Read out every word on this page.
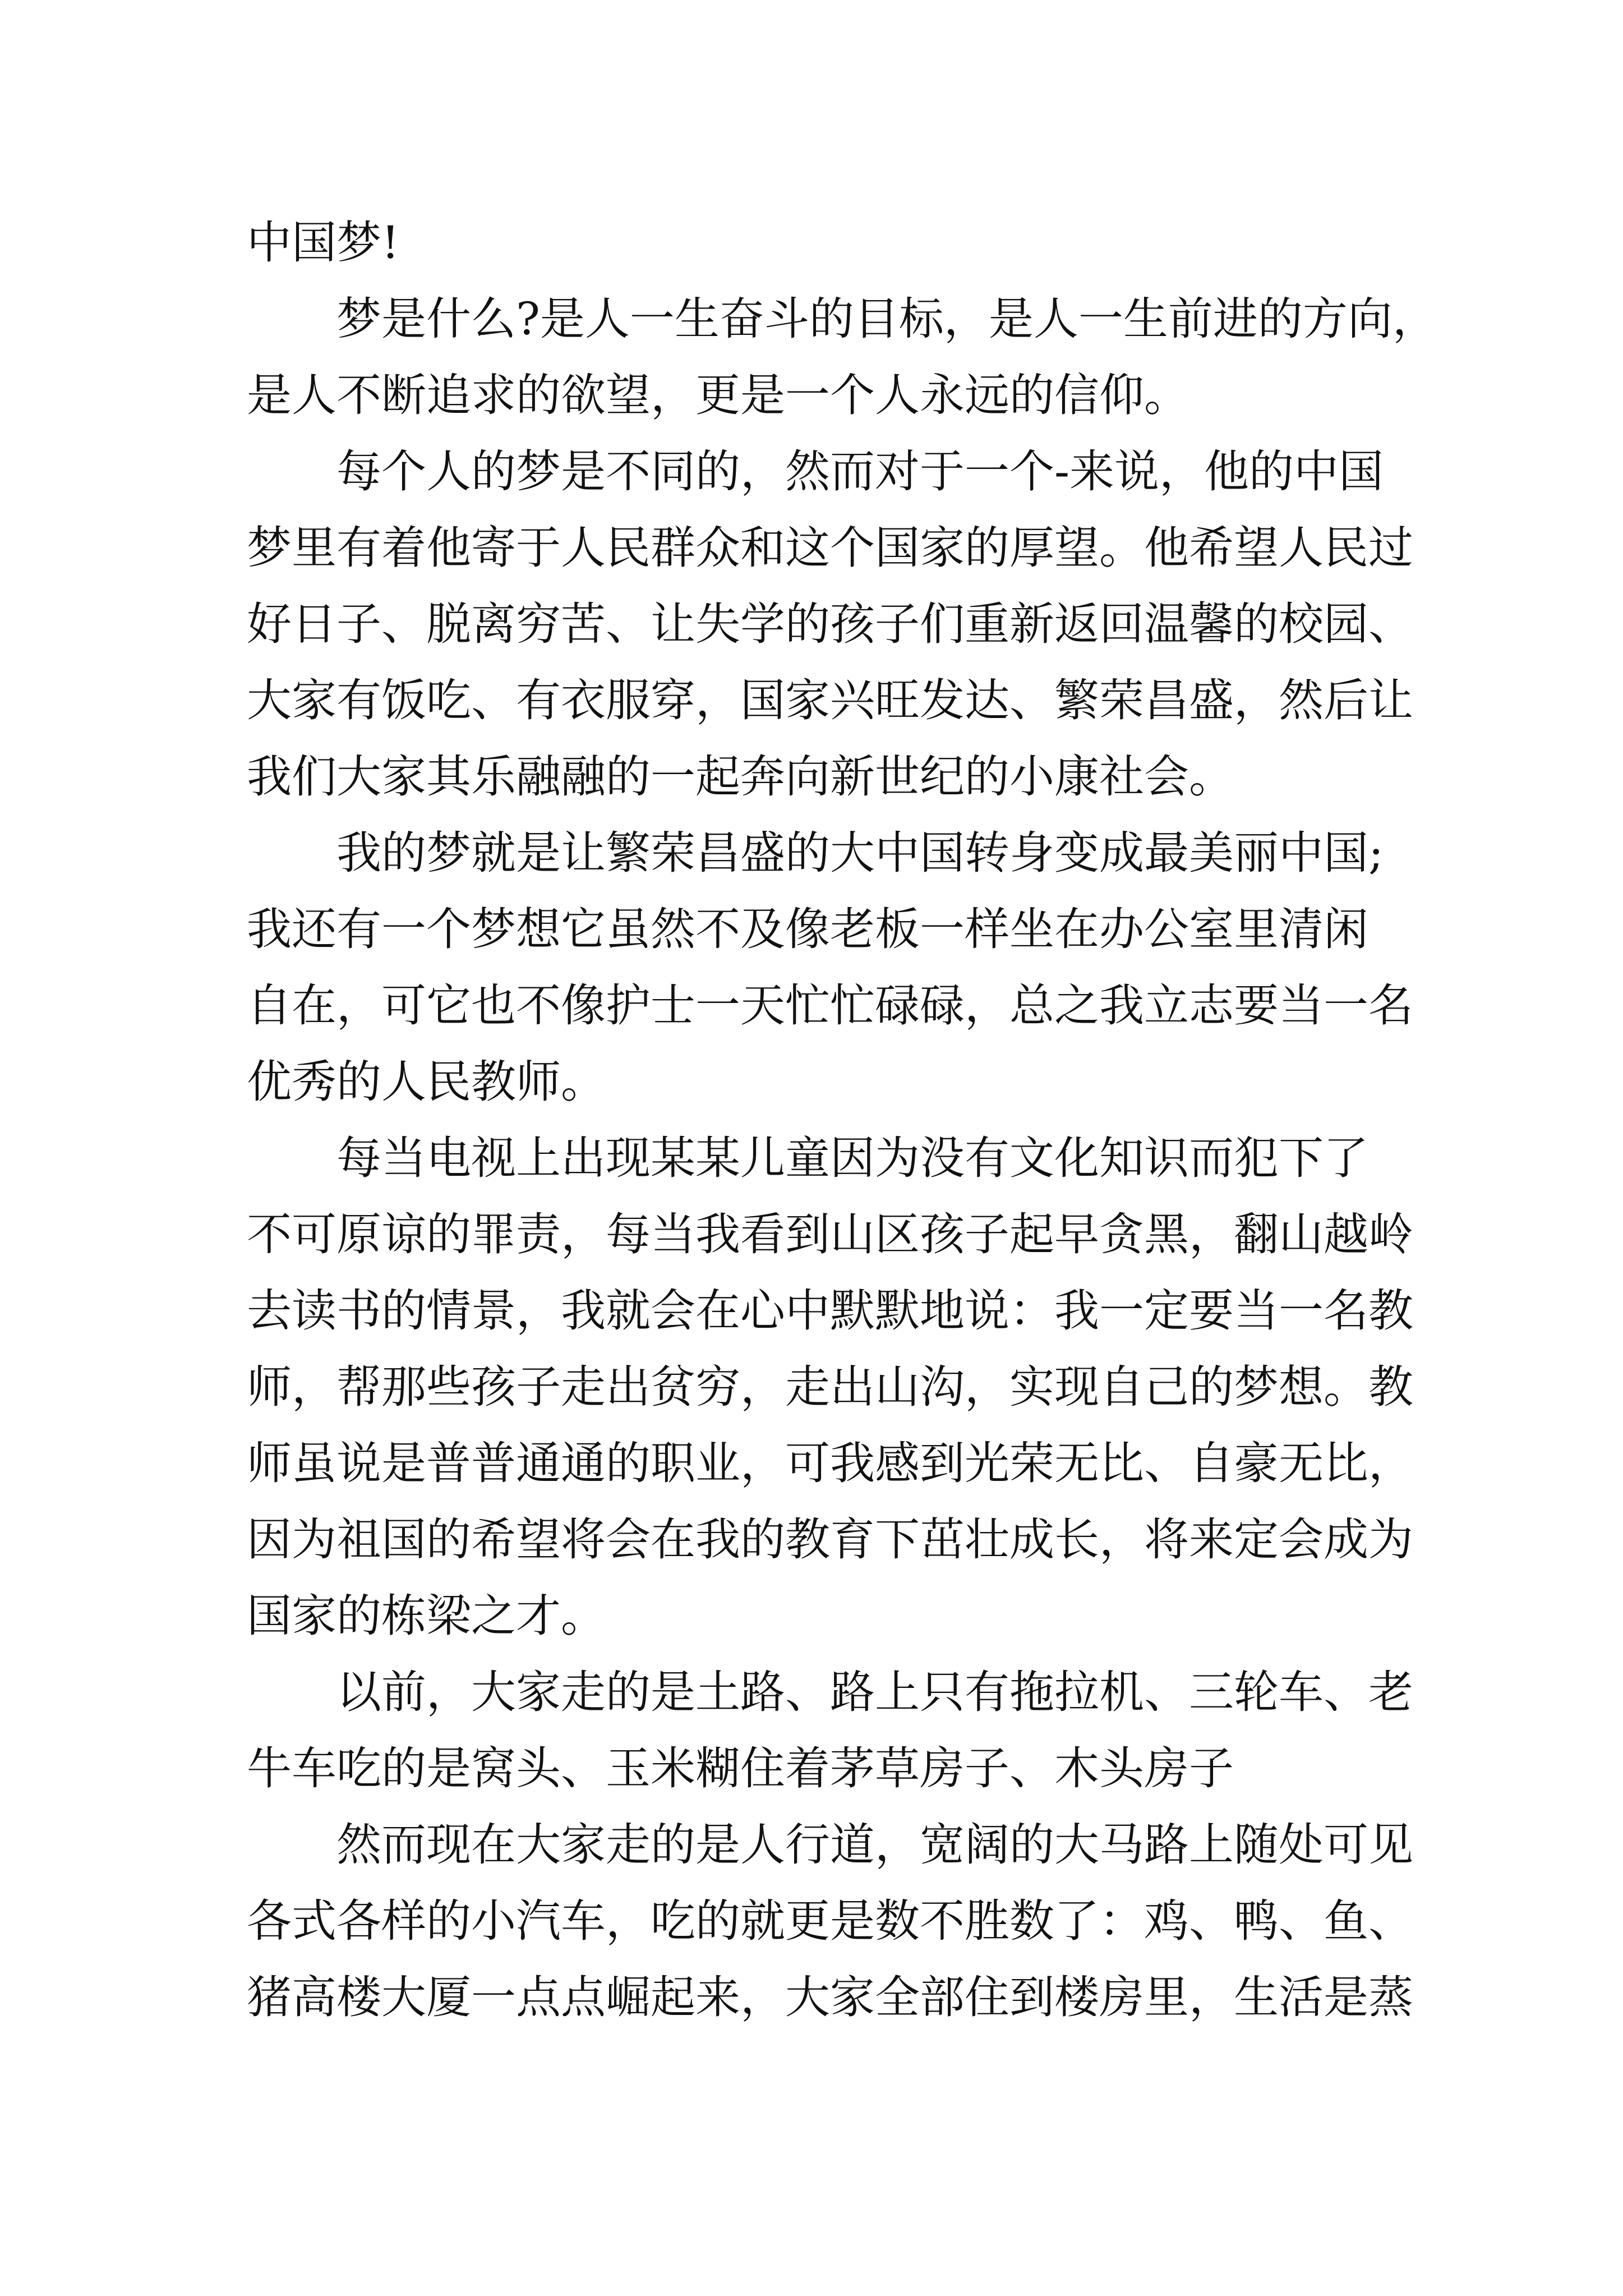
中国梦!

梦是什么?是人一生奋斗的目标，是人一生前进的方向，
是人不断追求的欲望，更是一个人永远的信仰。

每个人的梦是不同的，然而对于一个-来说，他的中国
梦里有着他寄于人民群众和这个国家的厚望。他希望人民过
好日子、脱离穷苦、让失学的孩子们重新返回温馨的校园、
大家有饭吃、有衣服穿，国家兴旺发达、繁荣昌盛，然后让
我们大家其乐融融的一起奔向新世纪的小康社会。

我的梦就是让繁荣昌盛的大中国转身变成最美丽中国;
我还有一个梦想它虽然不及像老板一样坐在办公室里清闲
自在，可它也不像护士一天忙忙碌碌，总之我立志要当一名
优秀的人民教师。

每当电视上出现某某儿童因为没有文化知识而犯下了
不可原谅的罪责，每当我看到山区孩子起早贪黑，翻山越岭
去读书的情景，我就会在心中默默地说：我一定要当一名教
师，帮那些孩子走出贫穷，走出山沟，实现自己的梦想。教
师虽说是普普通通的职业，可我感到光荣无比、自豪无比，
因为祖国的希望将会在我的教育下茁壮成长，将来定会成为
国家的栋梁之才。

以前，大家走的是土路、路上只有拖拉机、三轮车、老
牛车吃的是窝头、玉米糊住着茅草房子、木头房子

然而现在大家走的是人行道，宽阔的大马路上随处可见
各式各样的小汽车，吃的就更是数不胜数了：鸡、鸭、鱼、
猪高楼大厦一点点崛起来，大家全部住到楼房里，生活是蒸
